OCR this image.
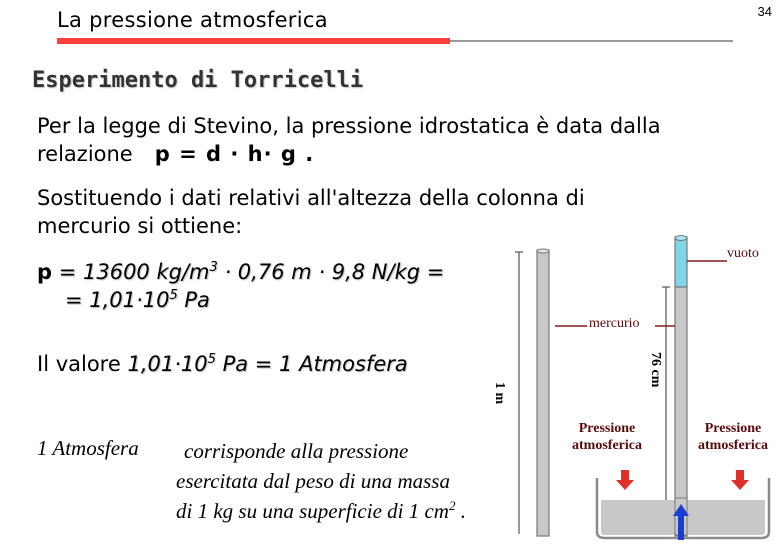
La pressione atmosferica	34
Esperimento di Torricelli
Per la legge di Stevino, la pressione idrostatica è data dalla relazione p = d · h· g .
Sostituendo i dati relativi all'altezza della colonna di mercurio si ottiene:
p = 13600 $kg/m^3 \cdot 0,76$ m · 9,8 N/kg =
= $1,01\cdot 10^5$ Pa
Il valore $1,01\cdot 10^5$ Pa = 1 Atmosfera
1 Atmosfera	corrisponde alla pressione
esercitata dal peso di una massa
di 1 kg su una superficie di 1 $cm^2$ .
vuoto
mercurio
1 m
76 cm
Pressione atmosferica
Pressione atmosferica
